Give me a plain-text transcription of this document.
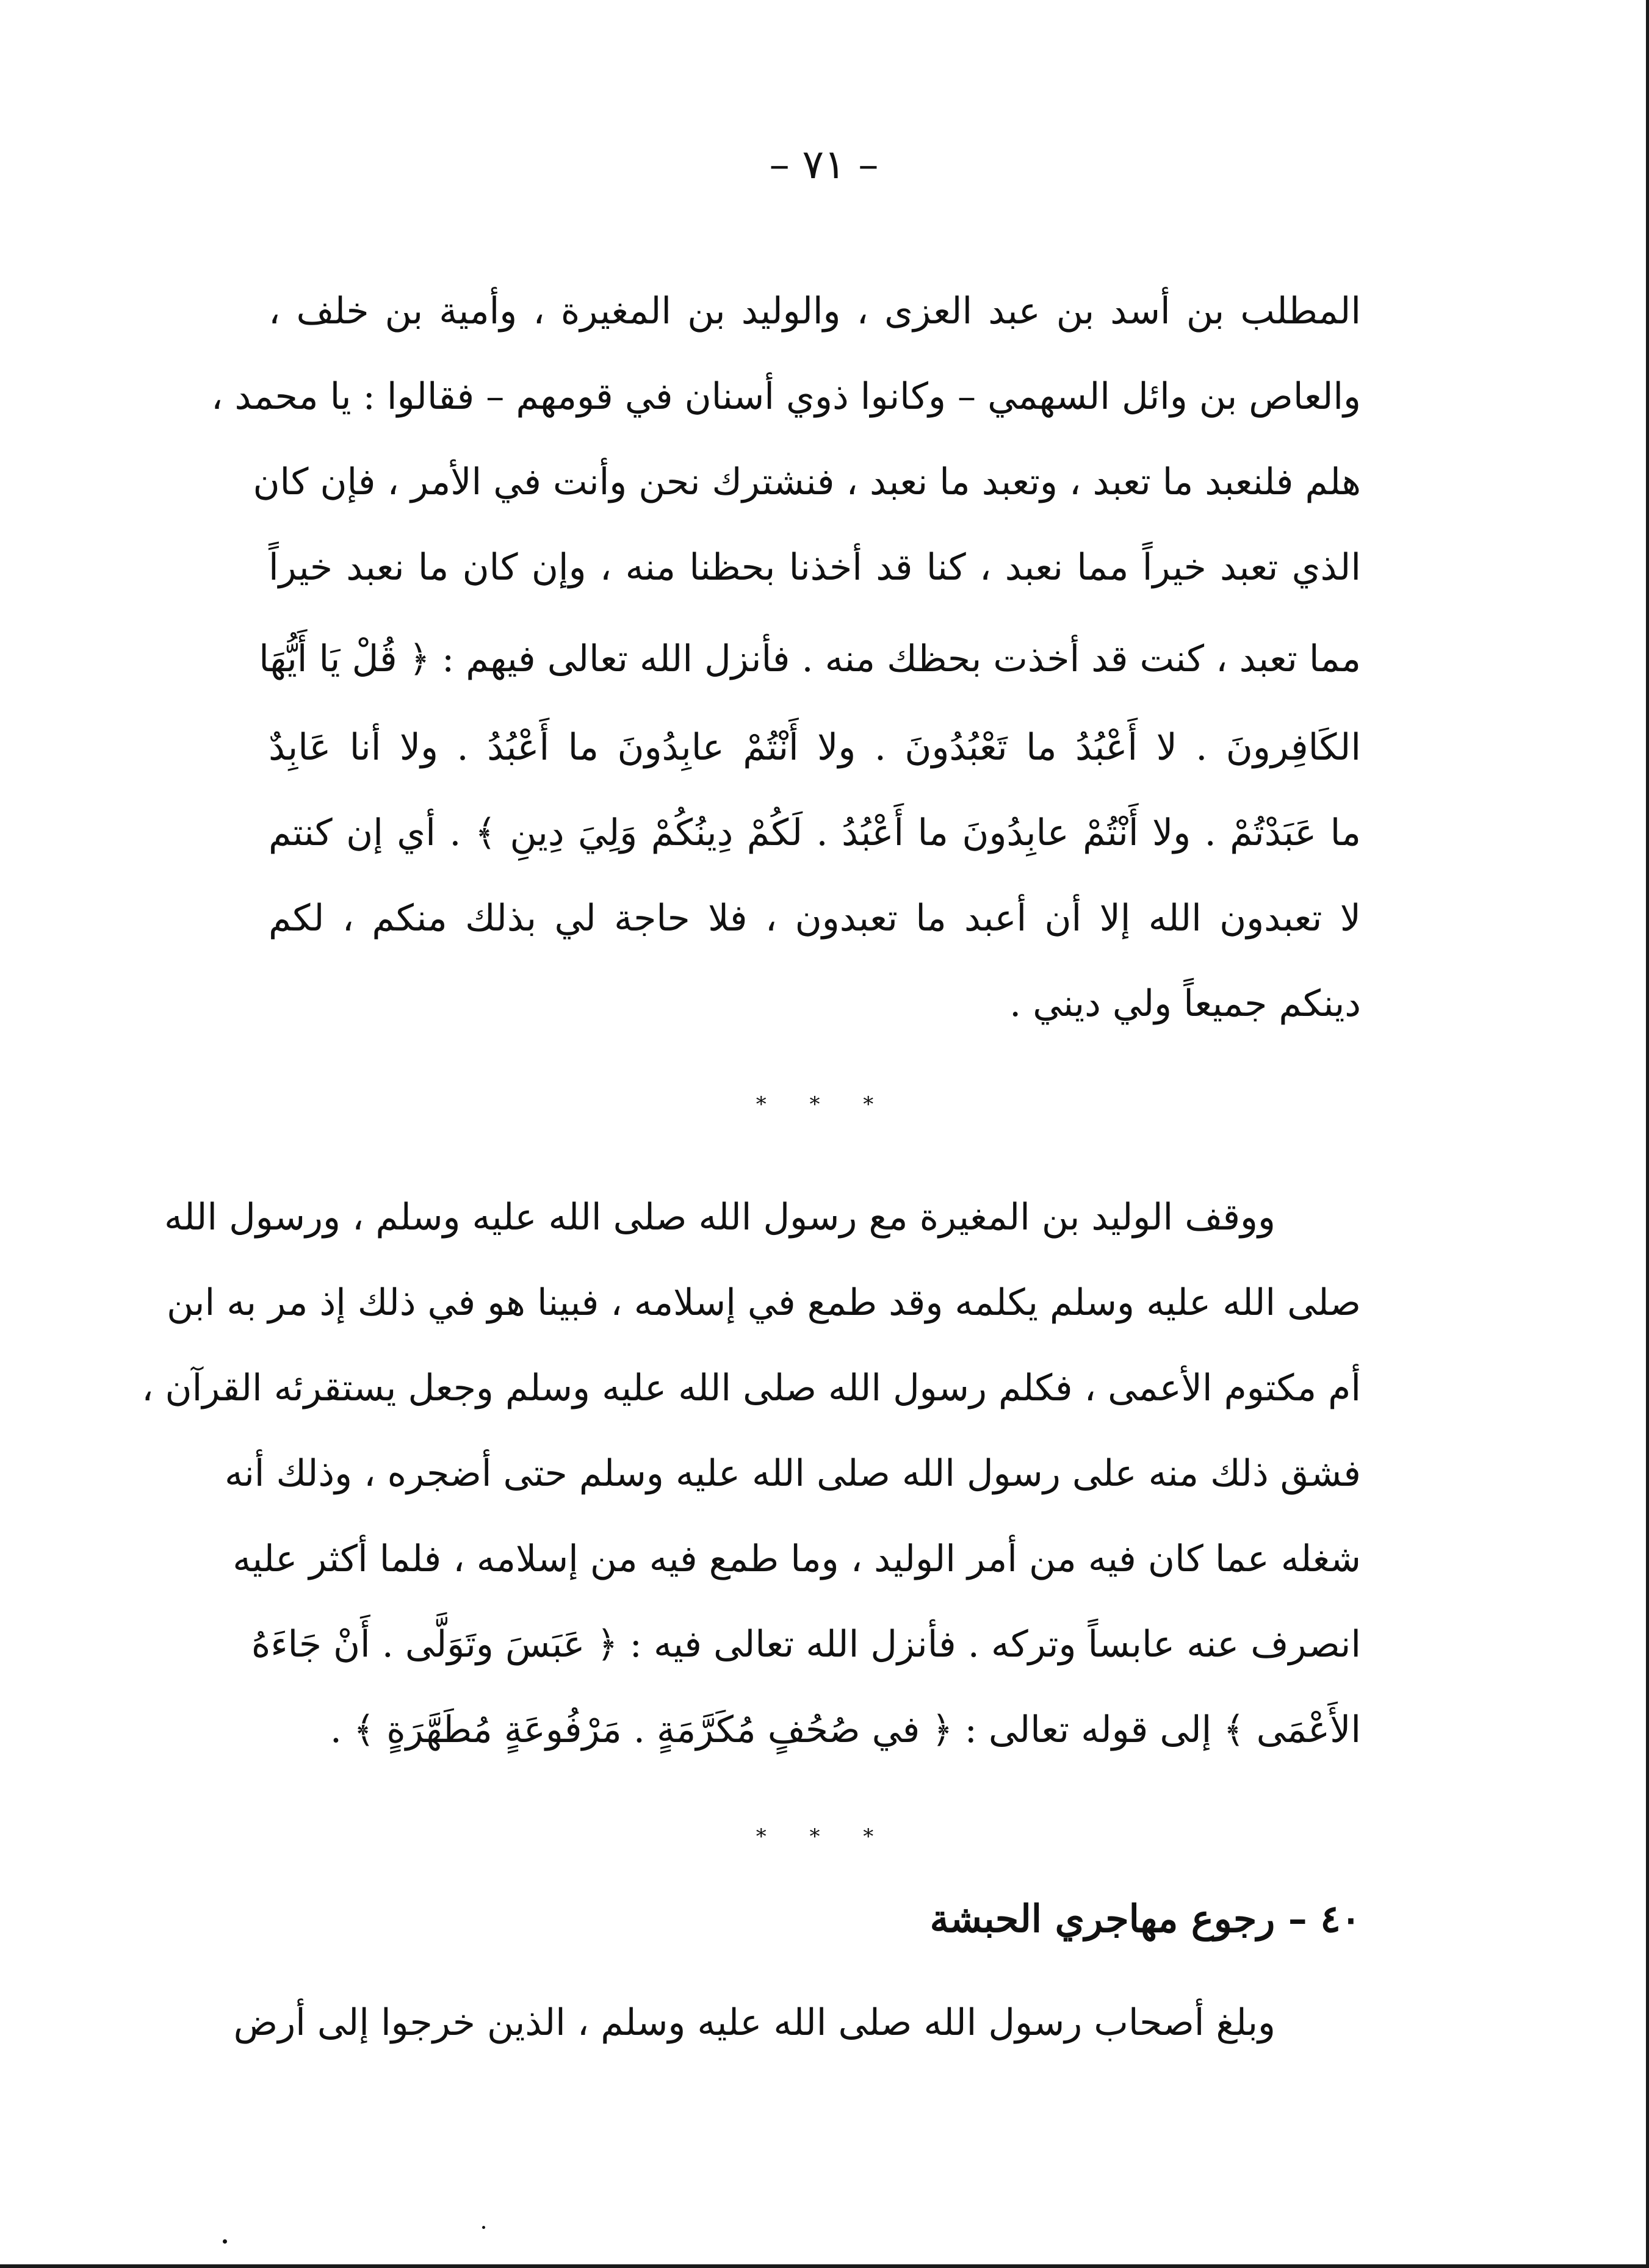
– ٧١ –
المطلب بن أسد بن عبد العزى ، والوليد بن المغيرة ، وأمية بن خلف ،
والعاص بن وائل السهمي – وكانوا ذوي أسنان في قومهم – فقالوا : يا محمد ،
هلم فلنعبد ما تعبد ، وتعبد ما نعبد ، فنشترك نحن وأنت في الأمر ، فإن كان
الذي تعبد خيراً مما نعبد ، كنا قد أخذنا بحظنا منه ، وإن كان ما نعبد خيراً
مما تعبد ، كنت قد أخذت بحظك منه . فأنزل الله تعالى فيهم : ﴿ قُلْ يَا أَيُّهَا
الكَافِرونَ . لا أَعْبُدُ ما تَعْبُدُونَ . ولا أَنْتُمْ عابِدُونَ ما أَعْبُدُ . ولا أنا عَابِدٌ
ما عَبَدْتُمْ . ولا أَنْتُمْ عابِدُونَ ما أَعْبُدُ . لَكُمْ دِينُكُمْ وَلِيَ دِينِ ﴾ . أي إن كنتم
لا تعبدون الله إلا أن أعبد ما تعبدون ، فلا حاجة لي بذلك منكم ، لكم
دينكم جميعاً ولي ديني .
* * *
ووقف الوليد بن المغيرة مع رسول الله صلى الله عليه وسلم ، ورسول الله
صلى الله عليه وسلم يكلمه وقد طمع في إسلامه ، فبينا هو في ذلك إذ مر به ابن
أم مكتوم الأعمى ، فكلم رسول الله صلى الله عليه وسلم وجعل يستقرئه القرآن ،
فشق ذلك منه على رسول الله صلى الله عليه وسلم حتى أضجره ، وذلك أنه
شغله عما كان فيه من أمر الوليد ، وما طمع فيه من إسلامه ، فلما أكثر عليه
انصرف عنه عابساً وتركه . فأنزل الله تعالى فيه : ﴿ عَبَسَ وتَوَلَّى . أَنْ جَاءَهُ
الأَعْمَى ﴾ إلى قوله تعالى : ﴿ في صُحُفٍ مُكَرَّمَةٍ . مَرْفُوعَةٍ مُطَهَّرَةٍ ﴾ .
* * *
٤٠ – رجوع مهاجري الحبشة
وبلغ أصحاب رسول الله صلى الله عليه وسلم ، الذين خرجوا إلى أرض
